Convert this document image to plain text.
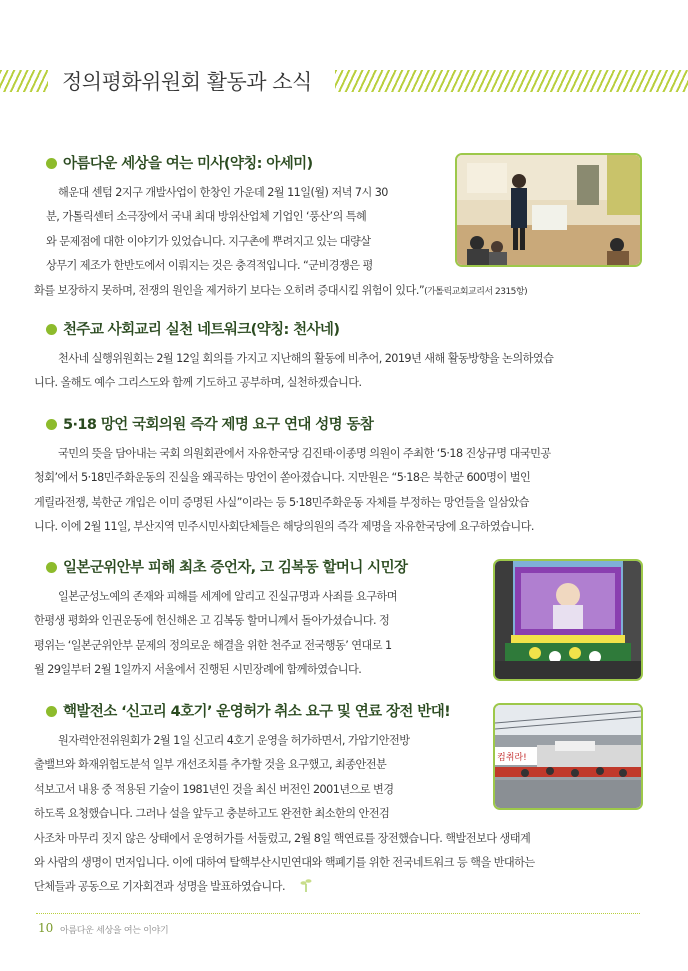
정의평화위원회 활동과 소식
아름다운 세상을 여는 미사(약칭: 아세미)

해운대 센텀 2지구 개발사업이 한창인 가운데 2월 11일(월) 저녁 7시 30
분, 가톨릭센터 소극장에서 국내 최대 방위산업체 기업인 ‘풍산’의 특혜
와 문제점에 대한 이야기가 있었습니다. 지구촌에 뿌려지고 있는 대량살
상무기 제조가 한반도에서 이뤄지는 것은 충격적입니다. “군비경쟁은 평
화를 보장하지 못하며, 전쟁의 원인을 제거하기 보다는 오히려 증대시킬 위험이 있다.”(가톨릭교회교리서 2315항)

천주교 사회교리 실천 네트워크(약칭: 천사네)

천사네 실행위원회는 2월 12일 회의를 가지고 지난해의 활동에 비추어, 2019년 새해 활동방향을 논의하였습
니다. 올해도 예수 그리스도와 함께 기도하고 공부하며, 실천하겠습니다.

5·18 망언 국회의원 즉각 제명 요구 연대 성명 동참

국민의 뜻을 담아내는 국회 의원회관에서 자유한국당 김진태·이종명 의원이 주최한 ‘5·18 진상규명 대국민공
청회’에서 5·18민주화운동의 진실을 왜곡하는 망언이 쏟아졌습니다. 지만원은 “5·18은 북한군 600명이 벌인
게릴라전쟁, 북한군 개입은 이미 증명된 사실”이라는 등 5·18민주화운동 자체를 부정하는 망언들을 일삼았습
니다. 이에 2월 11일, 부산지역 민주시민사회단체들은 해당의원의 즉각 제명을 자유한국당에 요구하였습니다.

일본군위안부 피해 최초 증언자, 고 김복동 할머니 시민장

일본군성노예의 존재와 피해를 세계에 알리고 진실규명과 사죄를 요구하며
한평생 평화와 인권운동에 헌신해온 고 김복동 할머니께서 돌아가셨습니다. 정
평위는 ‘일본군위안부 문제의 정의로운 해결을 위한 천주교 전국행동’ 연대로 1
월 29일부터 2월 1일까지 서울에서 진행된 시민장례에 함께하였습니다.

핵발전소 ‘신고리 4호기’ 운영허가 취소 요구 및 연료 장전 반대!

원자력안전위원회가 2월 1일 신고리 4호기 운영을 허가하면서, 가압기안전방
출밸브와 화재위험도분석 일부 개선조치를 추가할 것을 요구했고, 최종안전분
석보고서 내용 중 적용된 기술이 1981년인 것을 최신 버전인 2001년으로 변경
하도록 요청했습니다. 그러나 설을 앞두고 충분하고도 완전한 최소한의 안전검
사조차 마무리 짓지 않은 상태에서 운영허가를 서둘렀고, 2월 8일 핵연료를 장전했습니다. 핵발전보다 생태계
와 사람의 생명이 먼저입니다. 이에 대하여 탈핵부산시민연대와 핵폐기를 위한 전국네트워크 등 핵을 반대하는
단체들과 공동으로 기자회견과 성명을 발표하였습니다.

컴취라!
10 아름다운 세상을 여는 이야기
